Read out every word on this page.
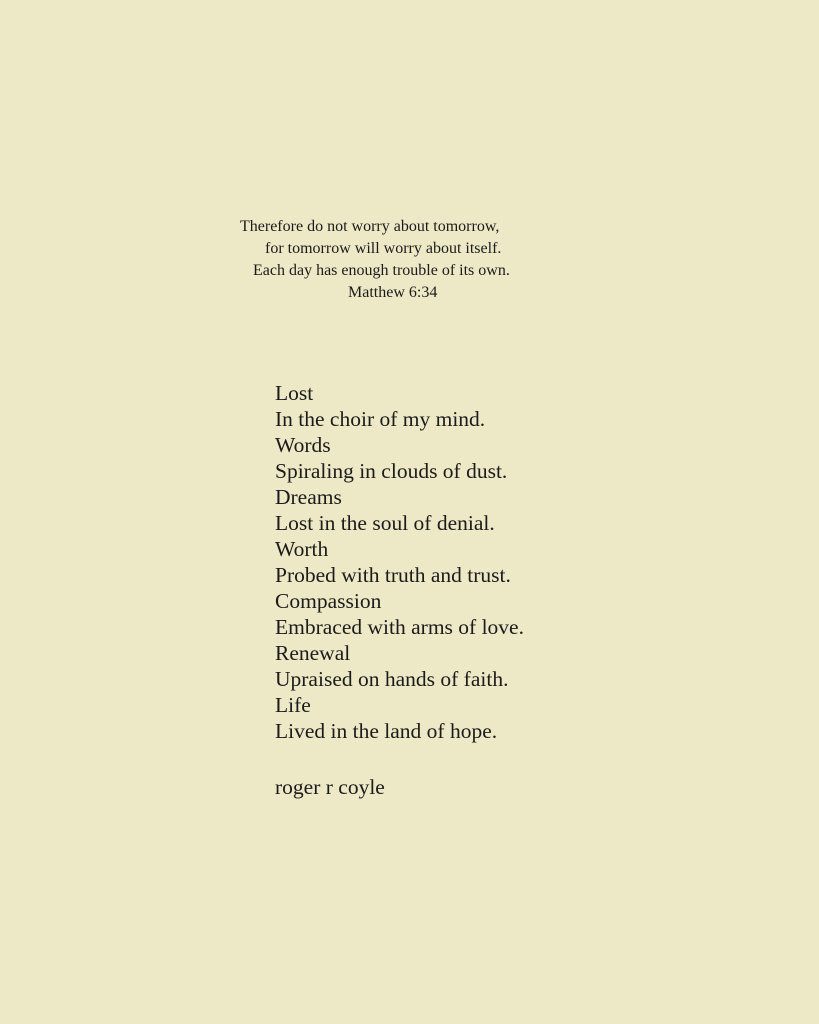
Therefore do not worry about tomorrow,
for tomorrow will worry about itself.
Each day has enough trouble of its own.
Matthew 6:34
Lost
In the choir of my mind.
Words
Spiraling in clouds of dust.
Dreams
Lost in the soul of denial.
Worth
Probed with truth and trust.
Compassion
Embraced with arms of love.
Renewal
Upraised on hands of faith.
Life
Lived in the land of hope.
roger r coyle
